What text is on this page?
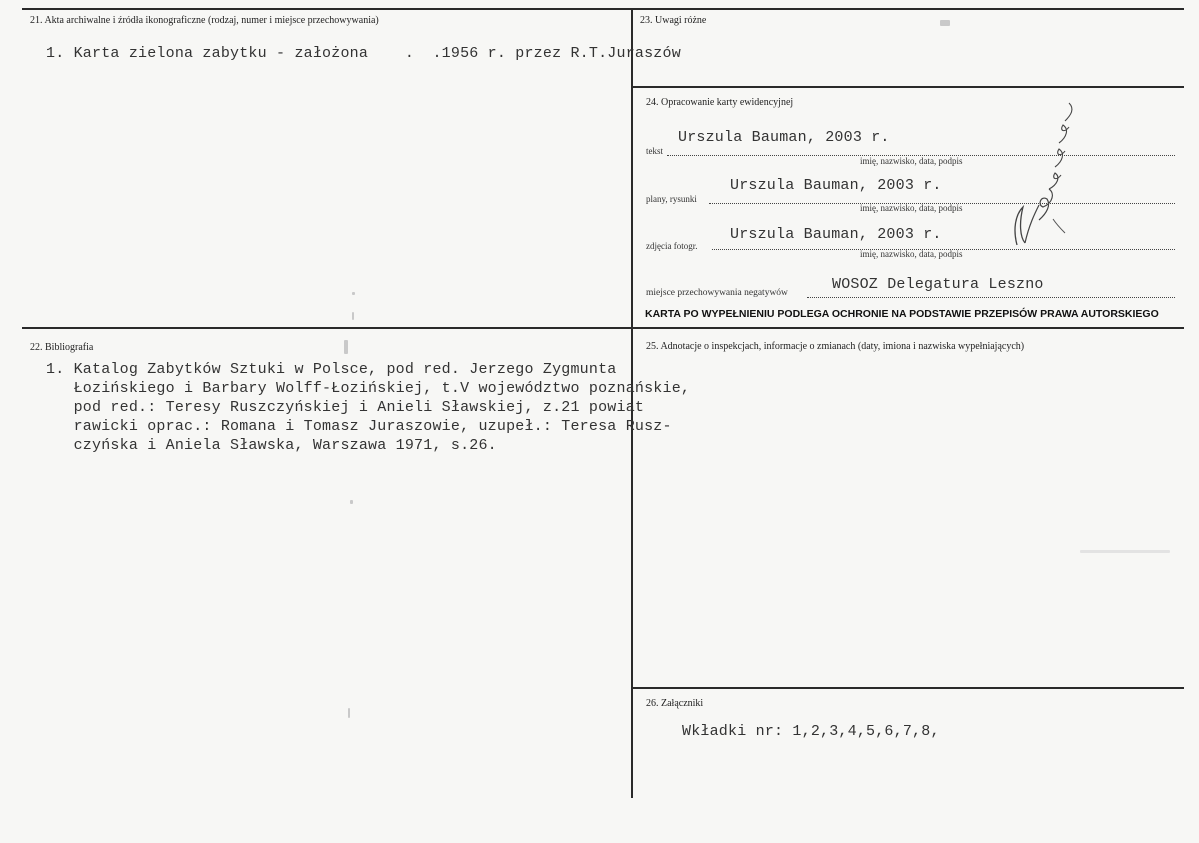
21. Akta archiwalne i źródła ikonograficzne (rodzaj, numer i miejsce przechowywania)
1. Karta zielona zabytku - założona    .  .1956 r. przez R.T.Juraszów
23. Uwagi różne
24. Opracowanie karty ewidencyjnej
Urszula Bauman, 2003 r.
tekst
imię, nazwisko, data, podpis
Urszula Bauman, 2003 r.
plany, rysunki
imię, nazwisko, data, podpis
Urszula Bauman, 2003 r.
zdjęcia fotogr.
imię, nazwisko, data, podpis
miejsce przechowywania negatywów	WOSOZ Delegatura Leszno
KARTA PO WYPEŁNIENIU PODLEGA OCHRONIE NA PODSTAWIE PRZEPISÓW PRAWA AUTORSKIEGO
22. Bibliografia

1. Katalog Zabytków Sztuki w Polsce, pod red. Jerzego Zygmunta

Łozińskiego i Barbary Wolff-Łozińskiej, t.V województwo poznańskie,

pod red.: Teresy Ruszczyńskiej i Anieli Sławskiej, z.21 powiat

rawicki oprac.: Romana i Tomasz Juraszowie, uzupeł.: Teresa Rusz-

czyńska i Aniela Sławska, Warszawa 1971, s.26.

25. Adnotacje o inspekcjach, informacje o zmianach (daty, imiona i nazwiska wypełniających)
26. Załączniki
Wkładki nr: 1,2,3,4,5,6,7,8,
